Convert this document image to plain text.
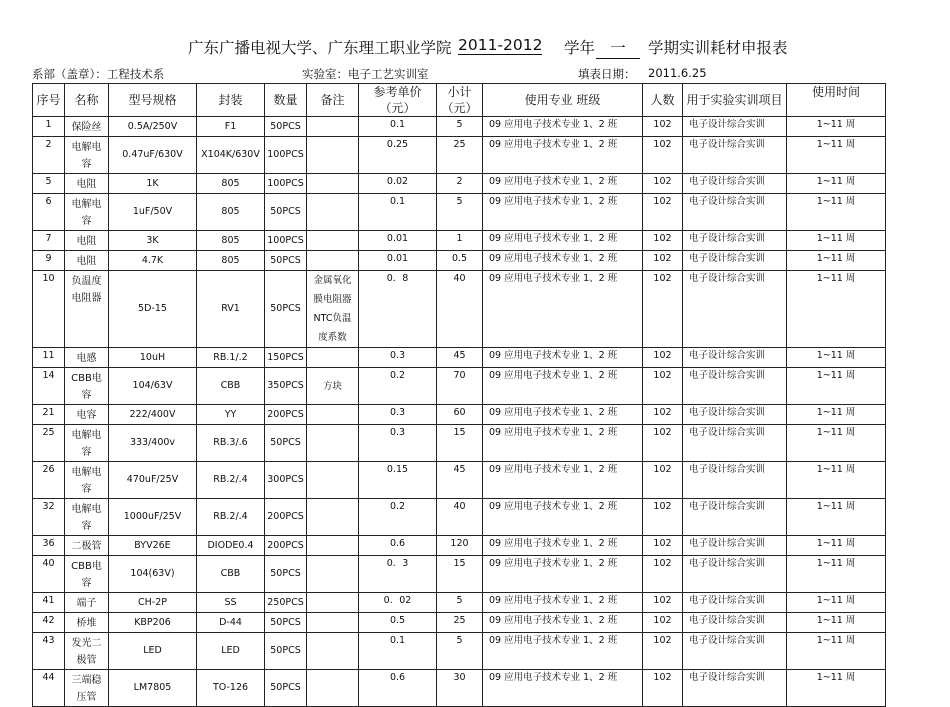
广东广播电视大学、广东理工职业学院 2011-2012 学年 一	学期实训耗材申报表
系部（盖章）：工程技术系	实验室：电子工艺实训室	填表日期： 2011.6.25
序号	名称	型号规格	封装	数量	备注	参考单价（元）	小计（元）	使用专业 班级	人数	用于实验实训项目	使用时间
1	保险丝	0.5A/250V	F1	50PCS		0.1	5	09 应用电子技术专业 1、2 班	102	电子设计综合实训	1~11 周
2	电解电容	0.47uF/630V	X104K/630V	100PCS		0.25	25	09 应用电子技术专业 1、2 班	102	电子设计综合实训	1~11 周
5	电阻	1K	805	100PCS		0.02	2	09 应用电子技术专业 1、2 班	102	电子设计综合实训	1~11 周
6	电解电容	1uF/50V	805	50PCS		0.1	5	09 应用电子技术专业 1、2 班	102	电子设计综合实训	1~11 周
7	电阻	3K	805	100PCS		0.01	1	09 应用电子技术专业 1、2 班	102	电子设计综合实训	1~11 周
9	电阻	4.7K	805	50PCS		0.01	0.5	09 应用电子技术专业 1、2 班	102	电子设计综合实训	1~11 周
10	负温度电阻器	5D-15	RV1	50PCS	金属氧化膜电阻器NTC负温度系数	0．8	40	09 应用电子技术专业 1、2 班	102	电子设计综合实训	1~11 周
11	电感	10uH	RB.1/.2	150PCS		0.3	45	09 应用电子技术专业 1、2 班	102	电子设计综合实训	1~11 周
14	CBB电容	104/63V	CBB	350PCS	方块	0.2	70	09 应用电子技术专业 1、2 班	102	电子设计综合实训	1~11 周
21	电容	222/400V	YY	200PCS		0.3	60	09 应用电子技术专业 1、2 班	102	电子设计综合实训	1~11 周
25	电解电容	333/400v	RB.3/.6	50PCS		0.3	15	09 应用电子技术专业 1、2 班	102	电子设计综合实训	1~11 周
26	电解电容	470uF/25V	RB.2/.4	300PCS		0.15	45	09 应用电子技术专业 1、2 班	102	电子设计综合实训	1~11 周
32	电解电容	1000uF/25V	RB.2/.4	200PCS		0.2	40	09 应用电子技术专业 1、2 班	102	电子设计综合实训	1~11 周
36	二极管	BYV26E	DIODE0.4	200PCS		0.6	120	09 应用电子技术专业 1、2 班	102	电子设计综合实训	1~11 周
40	CBB电容	104(63V)	CBB	50PCS		0．3	15	09 应用电子技术专业 1、2 班	102	电子设计综合实训	1~11 周
41	端子	CH-2P	SS	250PCS		0．02	5	09 应用电子技术专业 1、2 班	102	电子设计综合实训	1~11 周
42	桥堆	KBP206	D-44	50PCS		0.5	25	09 应用电子技术专业 1、2 班	102	电子设计综合实训	1~11 周
43	发光二极管	LED	LED	50PCS		0.1	5	09 应用电子技术专业 1、2 班	102	电子设计综合实训	1~11 周
44	三端稳压管	LM7805	TO-126	50PCS		0.6	30	09 应用电子技术专业 1、2 班	102	电子设计综合实训	1~11 周
